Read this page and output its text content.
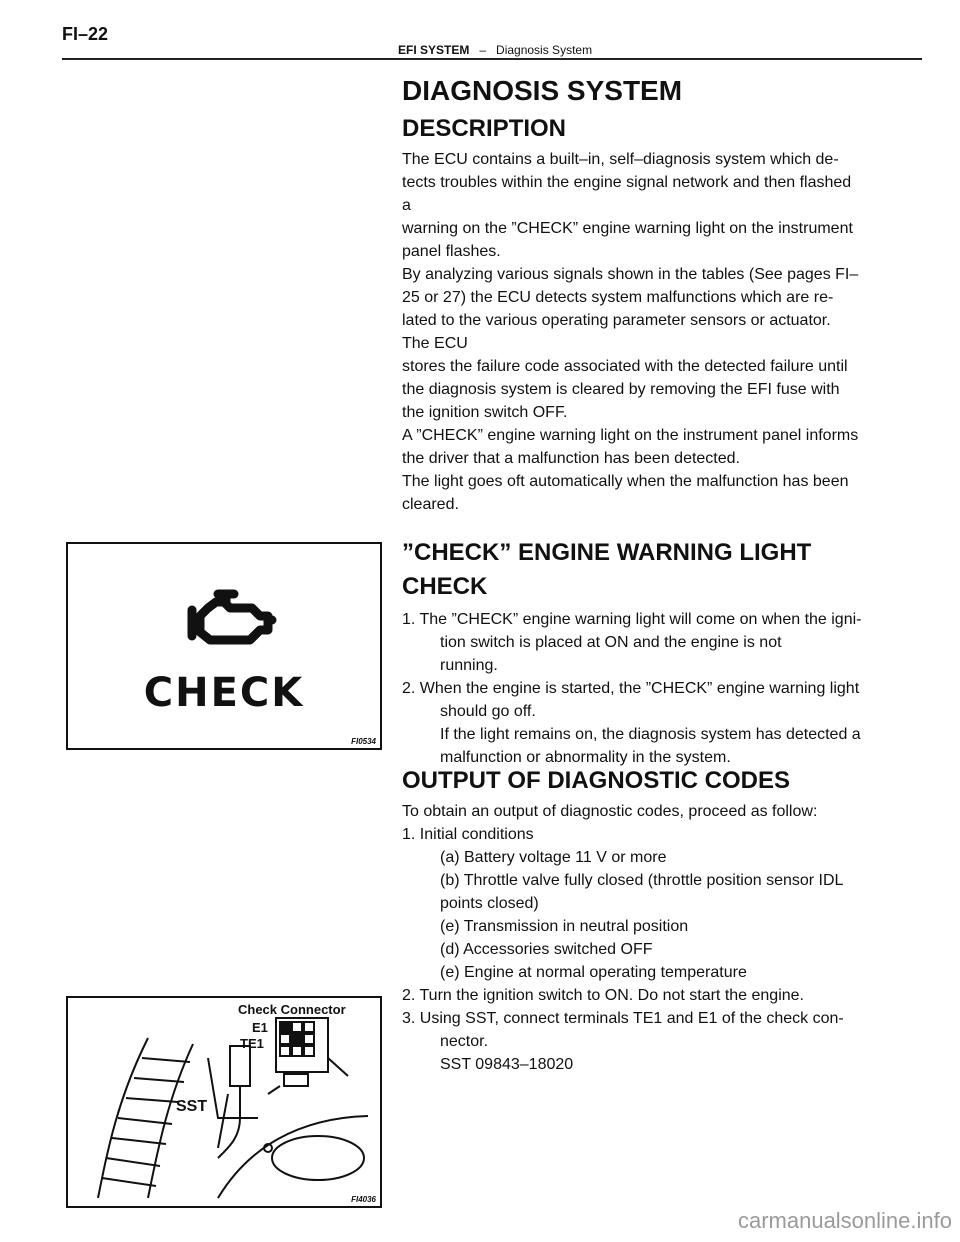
FI–22
EFI SYSTEM – Diagnosis System
DIAGNOSIS SYSTEM
DESCRIPTION

The ECU contains a built–in, self–diagnosis system which de-

tects troubles within the engine signal network and then flashed

a

warning on the ”CHECK” engine warning light on the instrument

panel flashes.

By analyzing various signals shown in the tables (See pages FI–

25 or 27) the ECU detects system malfunctions which are re-

lated to the various operating parameter sensors or actuator.

The ECU

stores the failure code associated with the detected failure until

the diagnosis system is cleared by removing the EFI fuse with

the ignition switch OFF.

A ”CHECK” engine warning light on the instrument panel informs

the driver that a malfunction has been detected.

The light goes oft automatically when the malfunction has been

cleared.

”CHECK” ENGINE WARNING LIGHT
CHECK

1. The ”CHECK” engine warning light will come on when the igni-

tion switch is placed at ON and the engine is not

running.

2. When the engine is started, the ”CHECK” engine warning light

should go off.

If the light remains on, the diagnosis system has detected a

malfunction or abnormality in the system.

OUTPUT OF DIAGNOSTIC CODES

To obtain an output of diagnostic codes, proceed as follow:

1. Initial conditions

(a) Battery voltage 11 V or more

(b) Throttle valve fully closed (throttle position sensor IDL

points closed)

(e) Transmission in neutral position

(d) Accessories switched OFF

(e) Engine at normal operating temperature

2. Turn the ignition switch to ON. Do not start the engine.

3. Using SST, connect terminals TE1 and E1 of the check con-

nector.

SST 09843–18020

CHECK
FI0534
Check Connector
E1
TE1
SST
FI4036
carmanualsonline.info
